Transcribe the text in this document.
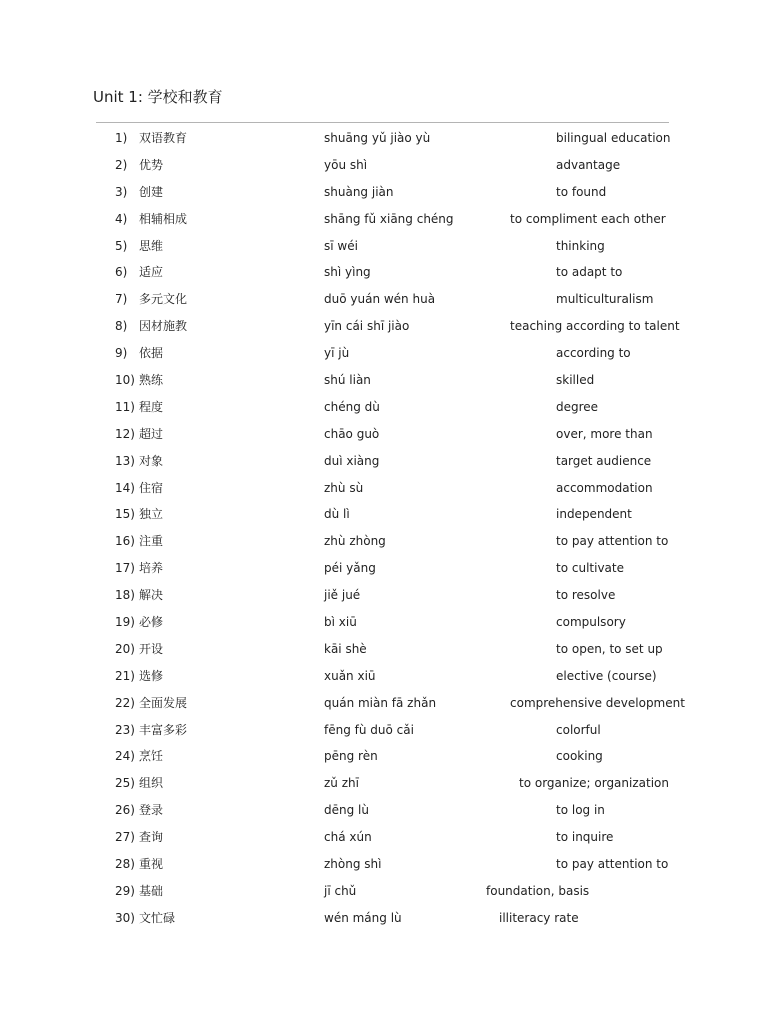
Unit 1: 学校和教育
1) 双语教育	shuāng yǔ jiào yù	bilingual education
2) 优势	yōu shì	advantage
3) 创建	shuàng jiàn	to found
4) 相辅相成	shāng fǔ xiāng chéng	to compliment each other
5) 思维	sī wéi	thinking
6) 适应	shì yìng	to adapt to
7) 多元文化	duō yuán wén huà	multiculturalism
8) 因材施教	yīn cái shī jiào	teaching according to talent
9) 依据	yī jù	according to
10) 熟练	shú liàn	skilled
11) 程度	chéng dù	degree
12) 超过	chāo guò	over, more than
13) 对象	duì xiàng	target audience
14) 住宿	zhù sù	accommodation
15) 独立	dù lì	independent
16) 注重	zhù zhòng	to pay attention to
17) 培养	péi yǎng	to cultivate
18) 解决	jiě jué	to resolve
19) 必修	bì xiū	compulsory
20) 开设	kāi shè	to open, to set up
21) 选修	xuǎn xiū	elective (course)
22) 全面发展	quán miàn fā zhǎn	comprehensive development
23) 丰富多彩	fēng fù duō cǎi	colorful
24) 烹饪	pēng rèn	cooking
25) 组织	zǔ zhī	to organize; organization
26) 登录	dēng lù	to log in
27) 查询	chá xún	to inquire
28) 重视	zhòng shì	to pay attention to
29) 基础	jī chǔ	foundation, basis
30) 文忙碌	wén máng lù	illiteracy rate
